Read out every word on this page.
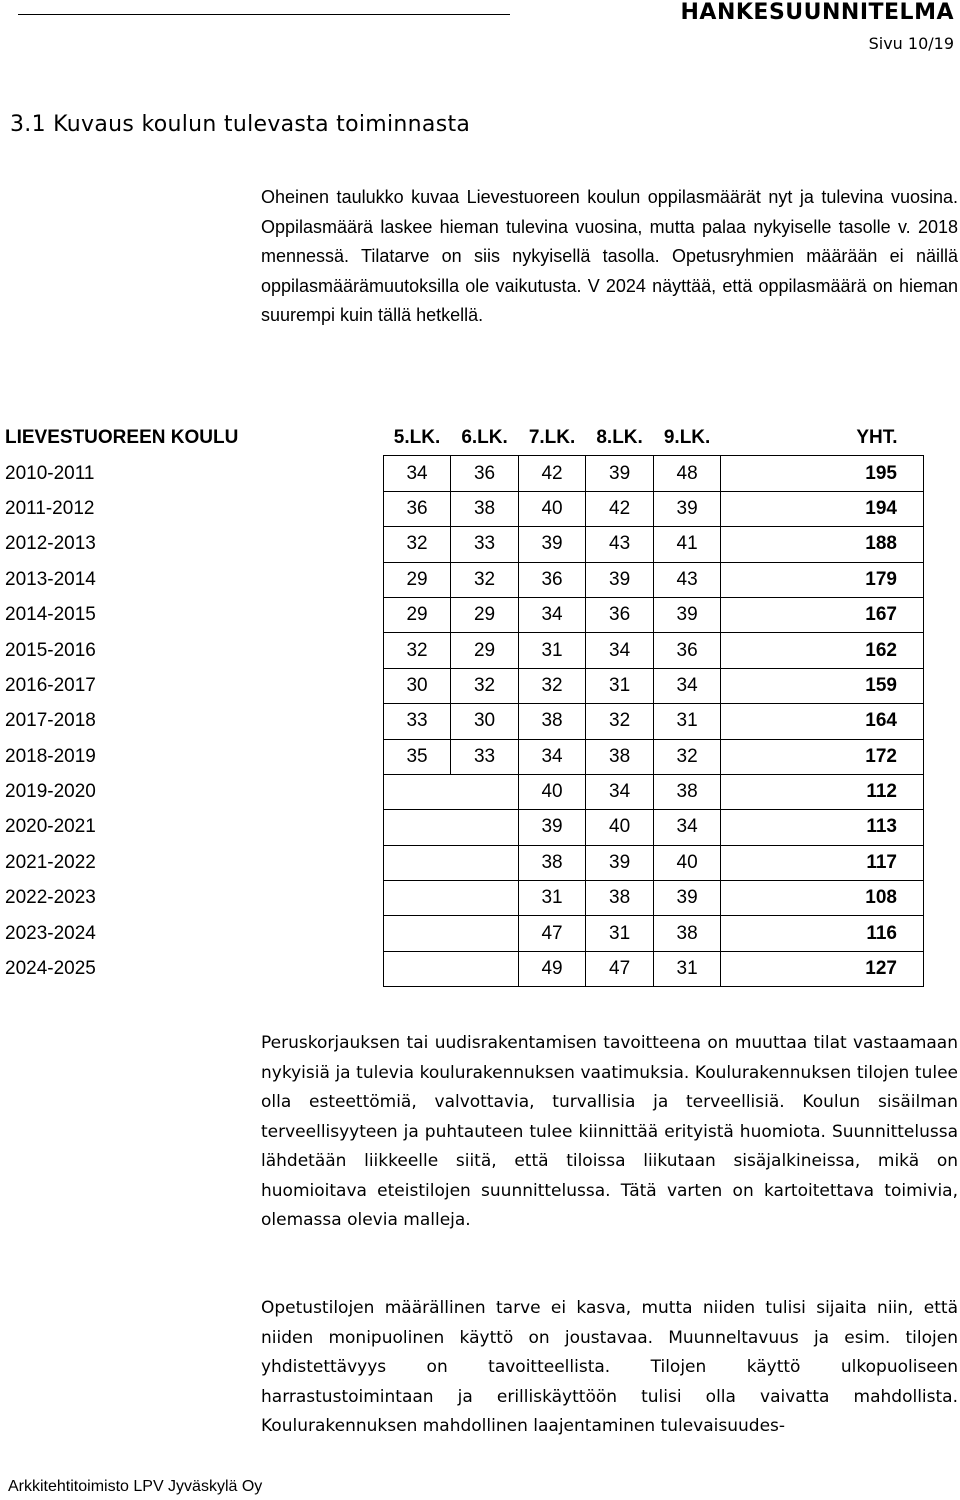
HANKESUUNNITELMA
Sivu 10/19
3.1 Kuvaus koulun tulevasta toiminnasta

Oheinen taulukko kuvaa Lievestuoreen koulun oppilasmäärät nyt ja tulevina vuosina. Oppilasmäärä laskee hieman tulevina vuosina, mutta palaa nykyiselle tasolle v. 2018 mennessä. Tilatarve on siis nykyisellä tasolla. Opetusryhmien määrään ei näillä oppilasmäärämuutoksilla ole vaikutusta. V 2024 näyttää, että oppilasmäärä on hieman suurempi kuin tällä hetkellä.

LIEVESTUOREEN KOULU	5.LK.	6.LK.	7.LK.	8.LK.	9.LK.	YHT.
2010-2011	34	36	42	39	48	195
2011-2012	36	38	40	42	39	194
2012-2013	32	33	39	43	41	188
2013-2014	29	32	36	39	43	179
2014-2015	29	29	34	36	39	167
2015-2016	32	29	31	34	36	162
2016-2017	30	32	32	31	34	159
2017-2018	33	30	38	32	31	164
2018-2019	35	33	34	38	32	172
2019-2020			40	34	38	112
2020-2021			39	40	34	113
2021-2022			38	39	40	117
2022-2023			31	38	39	108
2023-2024			47	31	38	116
2024-2025			49	47	31	127

Peruskorjauksen tai uudisrakentamisen tavoitteena on muuttaa tilat vastaamaan nykyisiä ja tulevia koulurakennuksen vaatimuksia. Koulurakennuksen tilojen tulee olla esteettömiä, valvottavia, turvallisia ja terveellisiä. Koulun sisäilman terveellisyyteen ja puhtauteen tulee kiinnittää erityistä huomiota. Suunnittelussa lähdetään liikkeelle siitä, että tiloissa liikutaan sisäjalkineissa, mikä on huomioitava eteistilojen suunnittelussa. Tätä varten on kartoitettava toimivia, olemassa olevia malleja.

Opetustilojen määrällinen tarve ei kasva, mutta niiden tulisi sijaita niin, että niiden monipuolinen käyttö on joustavaa. Muunneltavuus ja esim. tilojen yhdistettävyys on tavoitteellista. Tilojen käyttö ulkopuoliseen harrastustoimintaan ja erilliskäyttöön tulisi olla vaivatta mahdollista. Koulurakennuksen mahdollinen laajentaminen tulevaisuudes-

Arkkitehtitoimisto LPV Jyväskylä Oy
